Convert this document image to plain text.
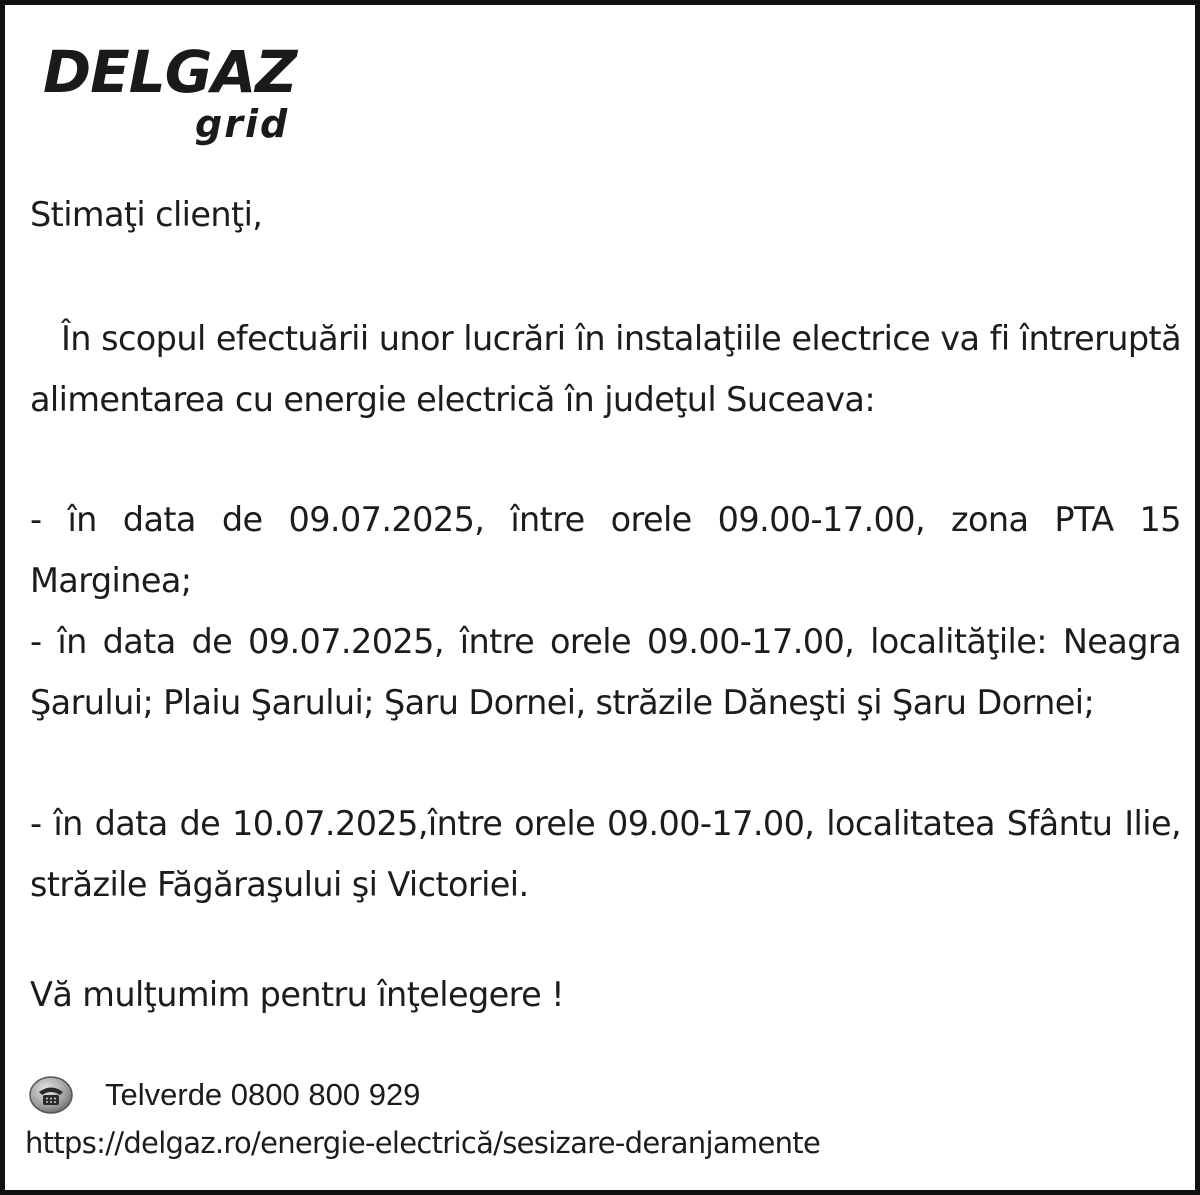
DELGAZ
grid
Stimaţi clienţi,

În scopul efectuării unor lucrări în instalaţiile electrice va fi întreruptă alimentarea cu energie electrică în judeţul Suceava:

- în data de 09.07.2025, între orele 09.00-17.00, zona PTA 15 Marginea;

- în data de 09.07.2025, între orele 09.00-17.00, localităţile: Neagra Şarului; Plaiu Şarului; Şaru Dornei, străzile Dăneşti şi Şaru Dornei;

- în data de 10.07.2025,între orele 09.00-17.00, localitatea Sfântu Ilie, străzile Făgăraşului şi Victoriei.

Vă mulţumim pentru înţelegere !
Telverde 0800 800 929
https://delgaz.ro/energie-electrică/sesizare-deranjamente
